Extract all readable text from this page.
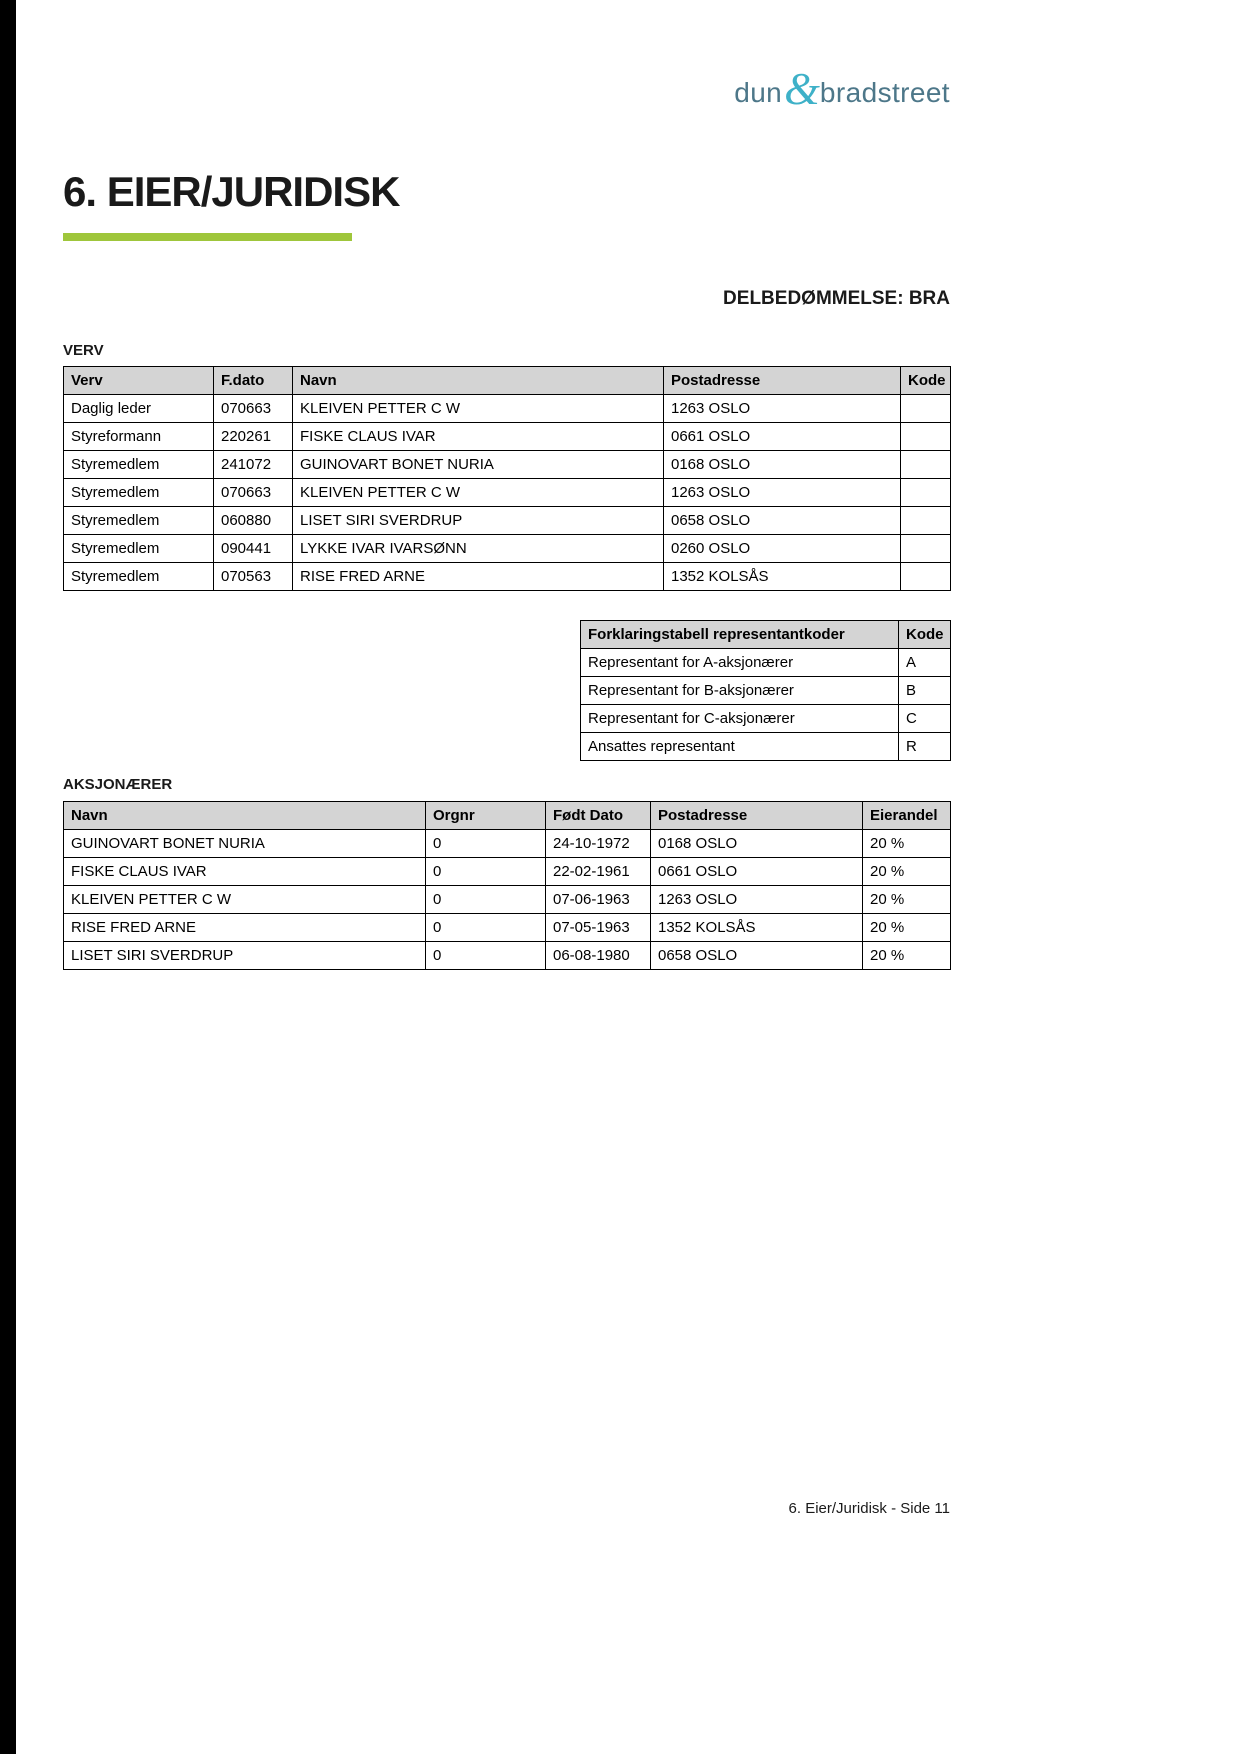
dun & bradstreet
6. EIER/JURIDISK
DELBEDØMMELSE: BRA
VERV
Verv	F.dato	Navn	Postadresse	Kode
Daglig leder	070663	KLEIVEN PETTER C W	1263 OSLO	
Styreformann	220261	FISKE CLAUS IVAR	0661 OSLO	
Styremedlem	241072	GUINOVART BONET NURIA	0168 OSLO	
Styremedlem	070663	KLEIVEN PETTER C W	1263 OSLO	
Styremedlem	060880	LISET SIRI SVERDRUP	0658 OSLO	
Styremedlem	090441	LYKKE IVAR IVARSØNN	0260 OSLO	
Styremedlem	070563	RISE FRED ARNE	1352 KOLSÅS	
Forklaringstabell representantkoder	Kode
Representant for A-aksjonærer	A
Representant for B-aksjonærer	B
Representant for C-aksjonærer	C
Ansattes representant	R
AKSJONÆRER
Navn	Orgnr	Født Dato	Postadresse	Eierandel
GUINOVART BONET NURIA	0	24-10-1972	0168 OSLO	20 %
FISKE CLAUS IVAR	0	22-02-1961	0661 OSLO	20 %
KLEIVEN PETTER C W	0	07-06-1963	1263 OSLO	20 %
RISE FRED ARNE	0	07-05-1963	1352 KOLSÅS	20 %
LISET SIRI SVERDRUP	0	06-08-1980	0658 OSLO	20 %
6. Eier/Juridisk - Side 11
